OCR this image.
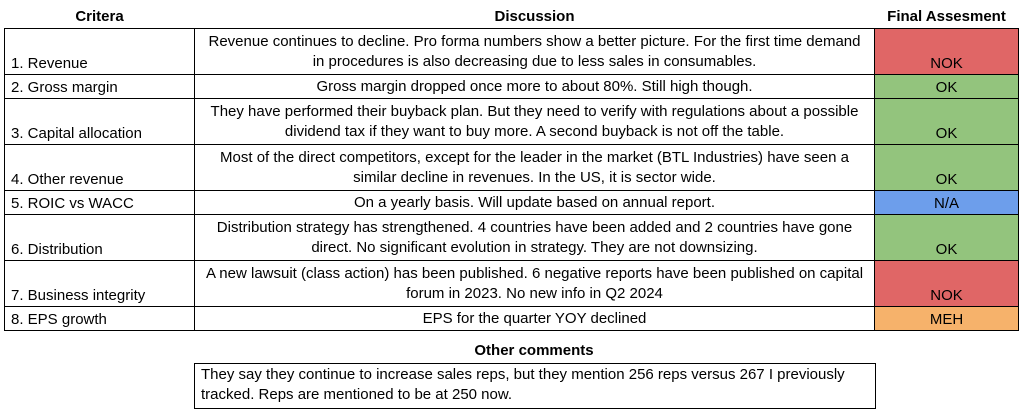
Critera	Discussion	Final Assesment
1. Revenue	Revenue continues to decline. Pro forma numbers show a better picture. For the first time demand in procedures is also decreasing due to less sales in consumables.	NOK
2. Gross margin	Gross margin dropped once more to about 80%. Still high though.	OK
3. Capital allocation	They have performed their buyback plan. But they need to verify with regulations about a possible dividend tax if they want to buy more. A second buyback is not off the table.	OK
4. Other revenue	Most of the direct competitors, except for the leader in the market (BTL Industries) have seen a similar decline in revenues. In the US, it is sector wide.	OK
5. ROIC vs WACC	On a yearly basis. Will update based on annual report.	N/A
6. Distribution	Distribution strategy has strengthened. 4 countries have been added and 2 countries have gone direct. No significant evolution in strategy. They are not downsizing.	OK
7. Business integrity	A new lawsuit (class action) has been published. 6 negative reports have been published on capital forum in 2023. No new info in Q2 2024	NOK
8. EPS growth	EPS for the quarter YOY declined	MEH
Other comments
They say they continue to increase sales reps, but they mention 256 reps versus 267 I previously tracked. Reps are mentioned to be at 250 now.
